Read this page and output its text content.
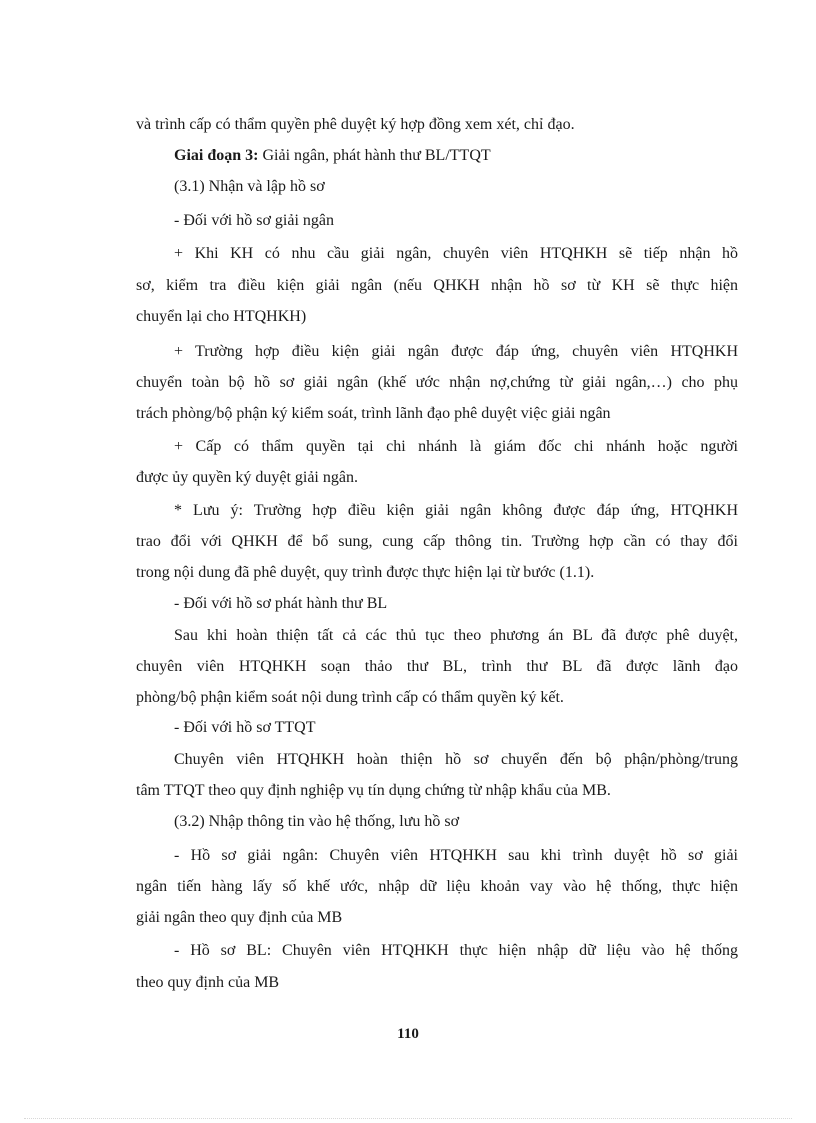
và trình cấp có thẩm quyền phê duyệt ký hợp đồng xem xét, chỉ đạo.
Giai đoạn 3: Giải ngân, phát hành thư BL/TTQT
(3.1) Nhận và lập hồ sơ
- Đối với hồ sơ giải ngân
+ Khi KH có nhu cầu giải ngân, chuyên viên HTQHKH sẽ tiếp nhận hồ
sơ, kiểm tra điều kiện giải ngân (nếu QHKH nhận hồ sơ từ KH sẽ thực hiện
chuyển lại cho HTQHKH)
+ Trường hợp điều kiện giải ngân được đáp ứng, chuyên viên HTQHKH
chuyển toàn bộ hồ sơ giải ngân (khế ước nhận nợ,chứng từ giải ngân,…) cho phụ
trách phòng/bộ phận ký kiểm soát, trình lãnh đạo phê duyệt việc giải ngân
+ Cấp có thẩm quyền tại chi nhánh là giám đốc chi nhánh hoặc người
được ủy quyền ký duyệt giải ngân.
* Lưu ý: Trường hợp điều kiện giải ngân không được đáp ứng, HTQHKH
trao đổi với QHKH để bổ sung, cung cấp thông tin. Trường hợp cần có thay đổi
trong nội dung đã phê duyệt, quy trình được thực hiện lại từ bước (1.1).
- Đối với hồ sơ phát hành thư BL
Sau khi hoàn thiện tất cả các thủ tục theo phương án BL đã được phê duyệt,
chuyên viên HTQHKH soạn thảo thư BL, trình thư BL đã được lãnh đạo
phòng/bộ phận kiểm soát nội dung trình cấp có thẩm quyền ký kết.
- Đối với hồ sơ TTQT
Chuyên viên HTQHKH hoàn thiện hồ sơ chuyển đến bộ phận/phòng/trung
tâm TTQT theo quy định nghiệp vụ tín dụng chứng từ nhập khẩu của MB.
(3.2) Nhập thông tin vào hệ thống, lưu hồ sơ
- Hồ sơ giải ngân: Chuyên viên HTQHKH sau khi trình duyệt hồ sơ giải
ngân tiến hàng lấy số khế ước, nhập dữ liệu khoản vay vào hệ thống, thực hiện
giải ngân theo quy định của MB
- Hồ sơ BL: Chuyên viên HTQHKH thực hiện nhập dữ liệu vào hệ thống
theo quy định của MB
110
